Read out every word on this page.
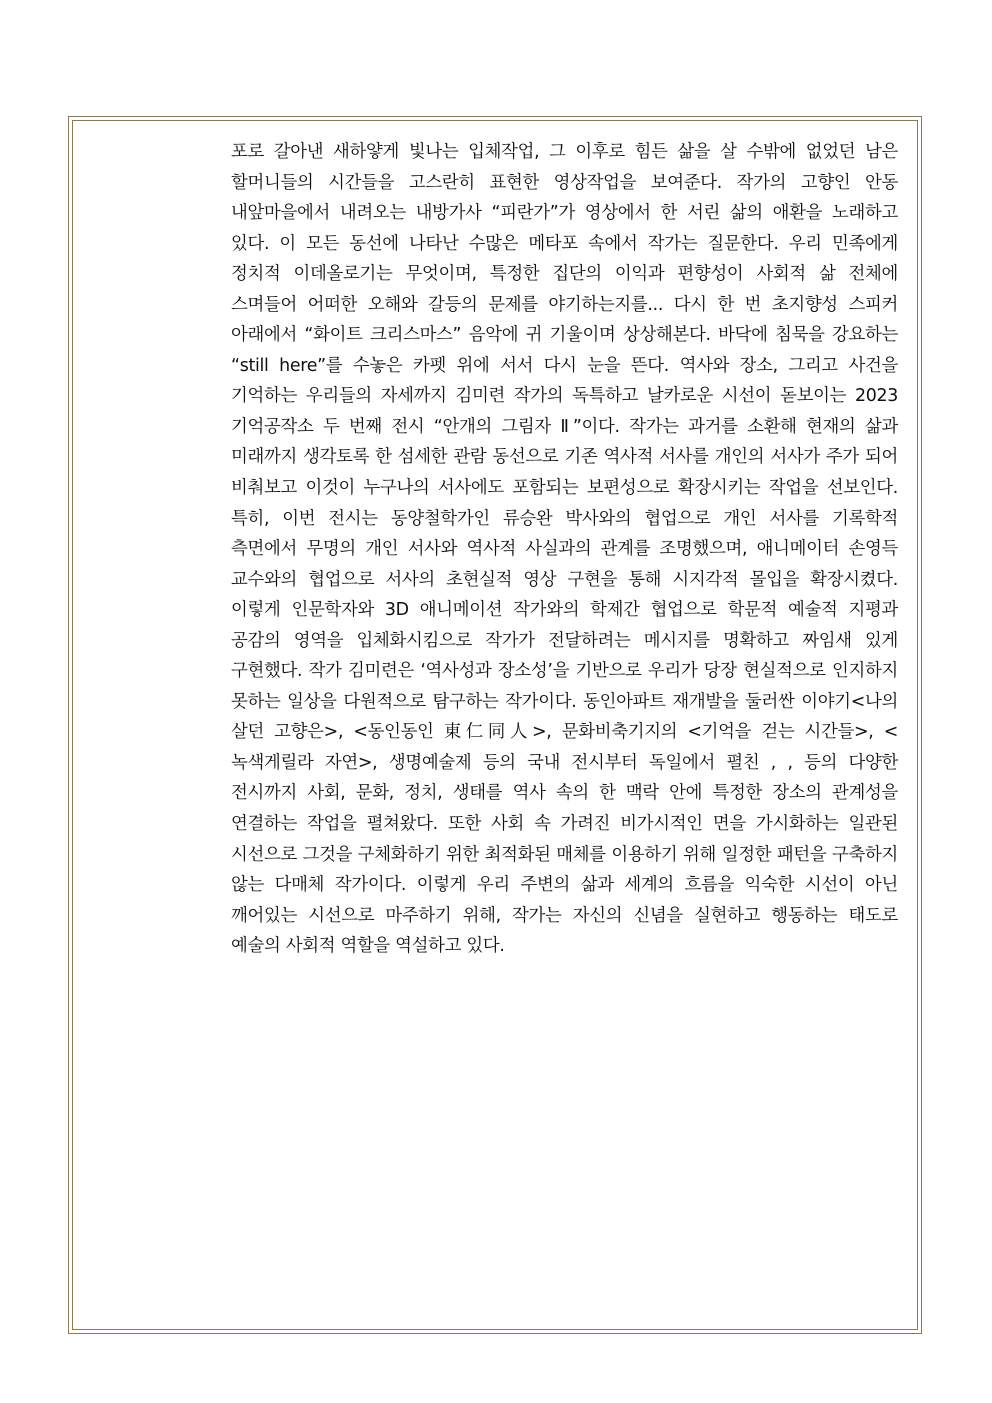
포로 갈아낸 새하얗게 빛나는 입체작업, 그 이후로 힘든 삶을 살 수밖에 없었던 남은 할머니들의 시간들을 고스란히 표현한 영상작업을 보여준다. 작가의 고향인 안동 내앞마을에서 내려오는 내방가사 “피란가”가 영상에서 한 서린 삶의 애환을 노래하고 있다. 이 모든 동선에 나타난 수많은 메타포 속에서 작가는 질문한다. 우리 민족에게 정치적 이데올로기는 무엇이며, 특정한 집단의 이익과 편향성이 사회적 삶 전체에 스며들어 어떠한 오해와 갈등의 문제를 야기하는지를... 다시 한 번 초지향성 스피커 아래에서 “화이트 크리스마스” 음악에 귀 기울이며 상상해본다. 바닥에 침묵을 강요하는 “still here”를 수놓은 카펫 위에 서서 다시 눈을 뜬다. 역사와 장소, 그리고 사건을 기억하는 우리들의 자세까지 김미련 작가의 독특하고 날카로운 시선이 돋보이는 2023 기억공작소 두 번째 전시 “안개의 그림자 Ⅱ”이다. 작가는 과거를 소환해 현재의 삶과 미래까지 생각토록 한 섬세한 관람 동선으로 기존 역사적 서사를 개인의 서사가 주가 되어 비춰보고 이것이 누구나의 서사에도 포함되는 보편성으로 확장시키는 작업을 선보인다. 특히, 이번 전시는 동양철학가인 류승완 박사와의 협업으로 개인 서사를 기록학적 측면에서 무명의 개인 서사와 역사적 사실과의 관계를 조명했으며, 애니메이터 손영득 교수와의 협업으로 서사의 초현실적 영상 구현을 통해 시지각적 몰입을 확장시켰다. 이렇게 인문학자와 3D 애니메이션 작가와의 학제간 협업으로 학문적 예술적 지평과 공감의 영역을 입체화시킴으로 작가가 전달하려는 메시지를 명확하고 짜임새 있게 구현했다. 작가 김미련은 ‘역사성과 장소성’을 기반으로 우리가 당장 현실적으로 인지하지 못하는 일상을 다원적으로 탐구하는 작가이다. 동인아파트 재개발을 둘러싼 이야기<나의 살던 고향은>, <동인동인 東仁同人>, 문화비축기지의 <기억을 걷는 시간들>, <녹색게릴라 자연>, 생명예술제 등의 국내 전시부터 독일에서 펼친 , , 등의 다양한 전시까지 사회, 문화, 정치, 생태를 역사 속의 한 맥락 안에 특정한 장소의 관계성을 연결하는 작업을 펼쳐왔다. 또한 사회 속 가려진 비가시적인 면을 가시화하는 일관된 시선으로 그것을 구체화하기 위한 최적화된 매체를 이용하기 위해 일정한 패턴을 구축하지 않는 다매체 작가이다. 이렇게 우리 주변의 삶과 세계의 흐름을 익숙한 시선이 아닌 깨어있는 시선으로 마주하기 위해, 작가는 자신의 신념을 실현하고 행동하는 태도로 예술의 사회적 역할을 역설하고 있다.
